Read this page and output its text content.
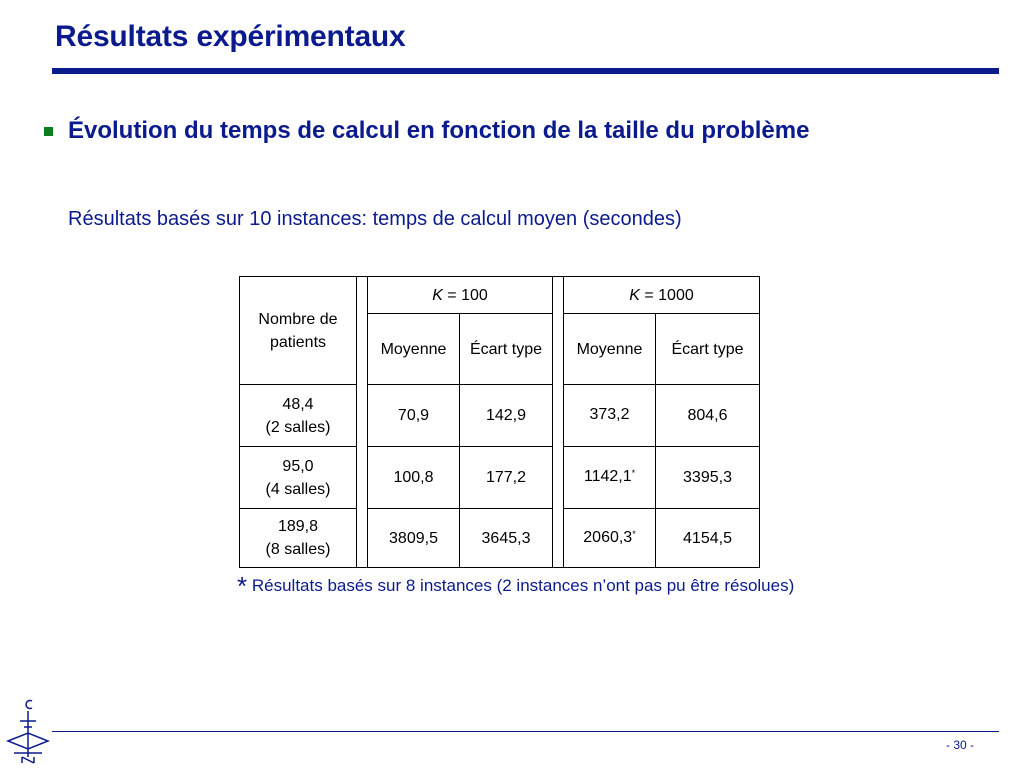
Résultats expérimentaux
Évolution du temps de calcul en fonction de la taille du problème
Résultats basés sur 10 instances: temps de calcul moyen (secondes)
Nombre de patients		K = 100			K = 1000	
		Moyenne	Écart type		Moyenne	Écart type
48,4
(2 salles)		70,9	142,9		373,2	804,6
95,0
(4 salles)		100,8	177,2		1142,1*	3395,3
189,8
(8 salles)		3809,5	3645,3		2060,3*	4154,5
* Résultats basés sur 8 instances (2 instances n’ont pas pu être résolues)
- 30 -
